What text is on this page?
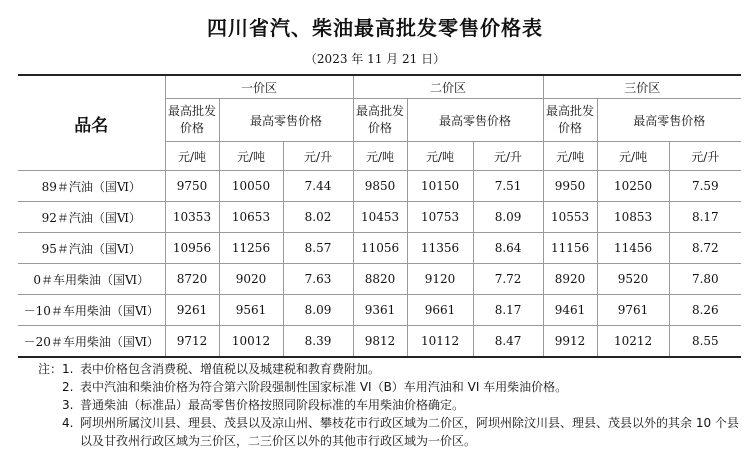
四川省汽、柴油最高批发零售价格表
（2023 年 11 月 21 日）
品名	一价区			二价区			三价区		
	最高批发价格	最高零售价格		最高批发价格	最高零售价格		最高批发价格	最高零售价格	
	元/吨	元/吨	元/升	元/吨	元/吨	元/升	元/吨	元/吨	元/升
89＃汽油（国Ⅵ）	9750	10050	7.44	9850	10150	7.51	9950	10250	7.59
92＃汽油（国Ⅵ）	10353	10653	8.02	10453	10753	8.09	10553	10853	8.17
95＃汽油（国Ⅵ）	10956	11256	8.57	11056	11356	8.64	11156	11456	8.72
0＃车用柴油（国Ⅵ）	8720	9020	7.63	8820	9120	7.72	8920	9520	7.80
－10＃车用柴油（国Ⅵ）	9261	9561	8.09	9361	9661	8.17	9461	9761	8.26
－20＃车用柴油（国Ⅵ）	9712	10012	8.39	9812	10112	8.47	9912	10212	8.55
注： 1. 表中价格包含消费税、增值税以及城建税和教育费附加。
2. 表中汽油和柴油价格为符合第六阶段强制性国家标准 VI（B）车用汽油和 VI 车用柴油价格。
3. 普通柴油（标准品）最高零售价格按照同阶段标准的车用柴油价格确定。
4. 阿坝州所属汶川县、理县、茂县以及凉山州、攀枝花市行政区域为二价区，阿坝州除汶川县、理县、茂县以外的其余 10 个县以及甘孜州行政区域为三价区，二三价区以外的其他市行政区域为一价区。
